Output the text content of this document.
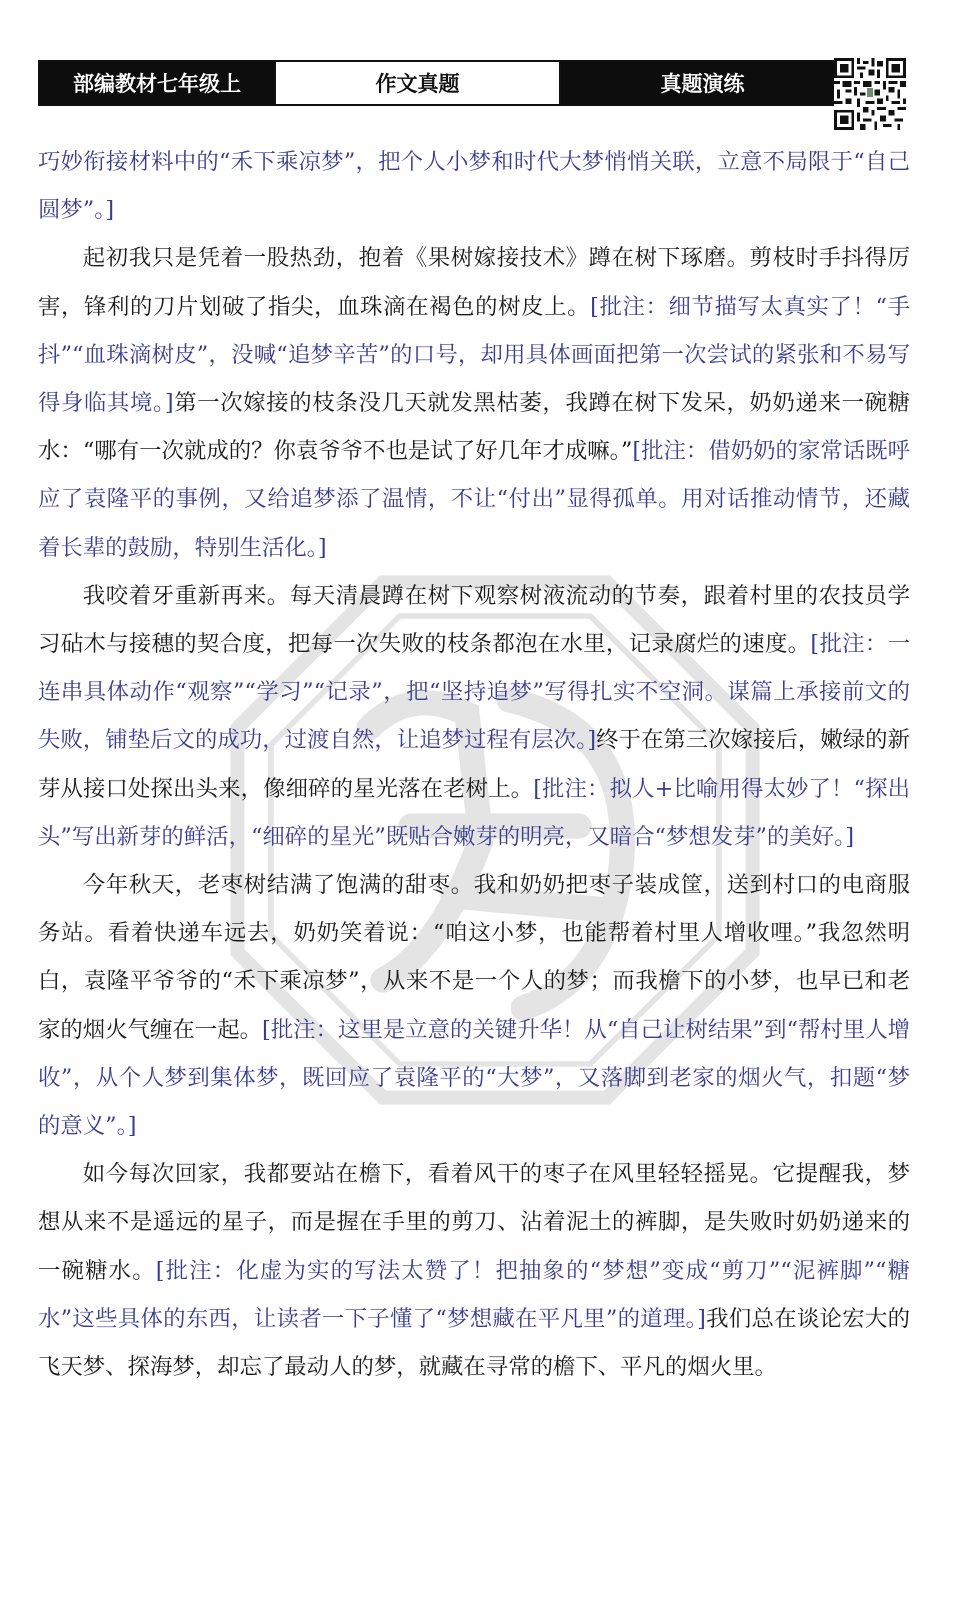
部编教材七年级上	作文真题	真题演练

巧妙衔接材料中的“禾下乘凉梦”，把个人小梦和时代大梦悄悄关联，立意不局限于“自己圆梦”。]

起初我只是凭着一股热劲，抱着《果树嫁接技术》蹲在树下琢磨。剪枝时手抖得厉害，锋利的刀片划破了指尖，血珠滴在褐色的树皮上。[批注：细节描写太真实了！“手抖”“血珠滴树皮”，没喊“追梦辛苦”的口号，却用具体画面把第一次尝试的紧张和不易写得身临其境。]第一次嫁接的枝条没几天就发黑枯萎，我蹲在树下发呆，奶奶递来一碗糖水：“哪有一次就成的？你袁爷爷不也是试了好几年才成嘛。”[批注：借奶奶的家常话既呼应了袁隆平的事例，又给追梦添了温情，不让“付出”显得孤单。用对话推动情节，还藏着长辈的鼓励，特别生活化。]

我咬着牙重新再来。每天清晨蹲在树下观察树液流动的节奏，跟着村里的农技员学习砧木与接穗的契合度，把每一次失败的枝条都泡在水里，记录腐烂的速度。[批注：一连串具体动作“观察”“学习”“记录”，把“坚持追梦”写得扎实不空洞。谋篇上承接前文的失败，铺垫后文的成功，过渡自然，让追梦过程有层次。]终于在第三次嫁接后，嫩绿的新芽从接口处探出头来，像细碎的星光落在老树上。[批注：拟人+比喻用得太妙了！“探出头”写出新芽的鲜活，“细碎的星光”既贴合嫩芽的明亮，又暗合“梦想发芽”的美好。]

今年秋天，老枣树结满了饱满的甜枣。我和奶奶把枣子装成筐，送到村口的电商服务站。看着快递车远去，奶奶笑着说：“咱这小梦，也能帮着村里人增收哩。”我忽然明白，袁隆平爷爷的“禾下乘凉梦”，从来不是一个人的梦；而我檐下的小梦，也早已和老家的烟火气缠在一起。[批注：这里是立意的关键升华！从“自己让树结果”到“帮村里人增收”，从个人梦到集体梦，既回应了袁隆平的“大梦”，又落脚到老家的烟火气，扣题“梦的意义”。]

如今每次回家，我都要站在檐下，看着风干的枣子在风里轻轻摇晃。它提醒我，梦想从来不是遥远的星子，而是握在手里的剪刀、沾着泥土的裤脚，是失败时奶奶递来的一碗糖水。[批注：化虚为实的写法太赞了！把抽象的“梦想”变成“剪刀”“泥裤脚”“糖水”这些具体的东西，让读者一下子懂了“梦想藏在平凡里”的道理。]我们总在谈论宏大的飞天梦、探海梦，却忘了最动人的梦，就藏在寻常的檐下、平凡的烟火里。
